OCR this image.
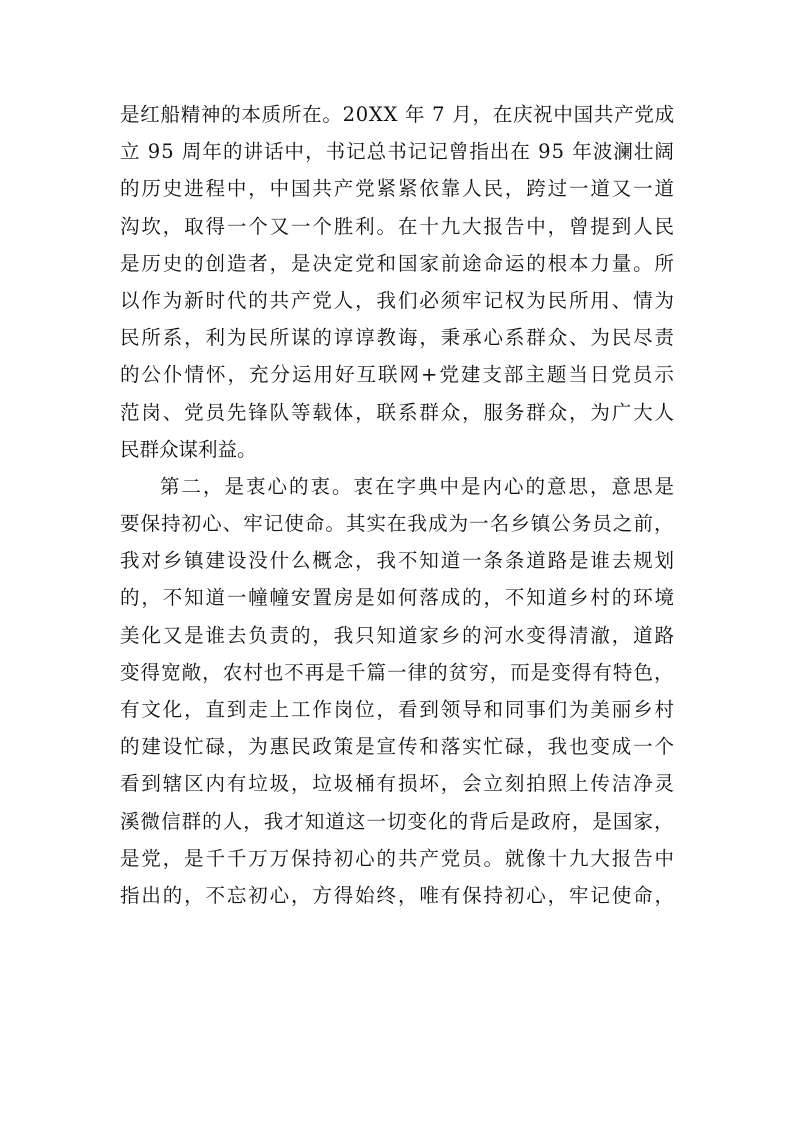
是红船精神的本质所在。20XX 年 7 月，在庆祝中国共产党成
立 95 周年的讲话中，书记总书记记曾指出在 95 年波澜壮阔
的历史进程中，中国共产党紧紧依靠人民，跨过一道又一道
沟坎，取得一个又一个胜利。在十九大报告中，曾提到人民
是历史的创造者，是决定党和国家前途命运的根本力量。所
以作为新时代的共产党人，我们必须牢记权为民所用、情为
民所系，利为民所谋的谆谆教诲，秉承心系群众、为民尽责
的公仆情怀，充分运用好互联网+党建支部主题当日党员示
范岗、党员先锋队等载体，联系群众，服务群众，为广大人
民群众谋利益。
第二，是衷心的衷。衷在字典中是内心的意思，意思是
要保持初心、牢记使命。其实在我成为一名乡镇公务员之前，
我对乡镇建设没什么概念，我不知道一条条道路是谁去规划
的，不知道一幢幢安置房是如何落成的，不知道乡村的环境
美化又是谁去负责的，我只知道家乡的河水变得清澈，道路
变得宽敞，农村也不再是千篇一律的贫穷，而是变得有特色，
有文化，直到走上工作岗位，看到领导和同事们为美丽乡村
的建设忙碌，为惠民政策是宣传和落实忙碌，我也变成一个
看到辖区内有垃圾，垃圾桶有损坏，会立刻拍照上传洁净灵
溪微信群的人，我才知道这一切变化的背后是政府，是国家，
是党，是千千万万保持初心的共产党员。就像十九大报告中
指出的，不忘初心，方得始终，唯有保持初心，牢记使命，
